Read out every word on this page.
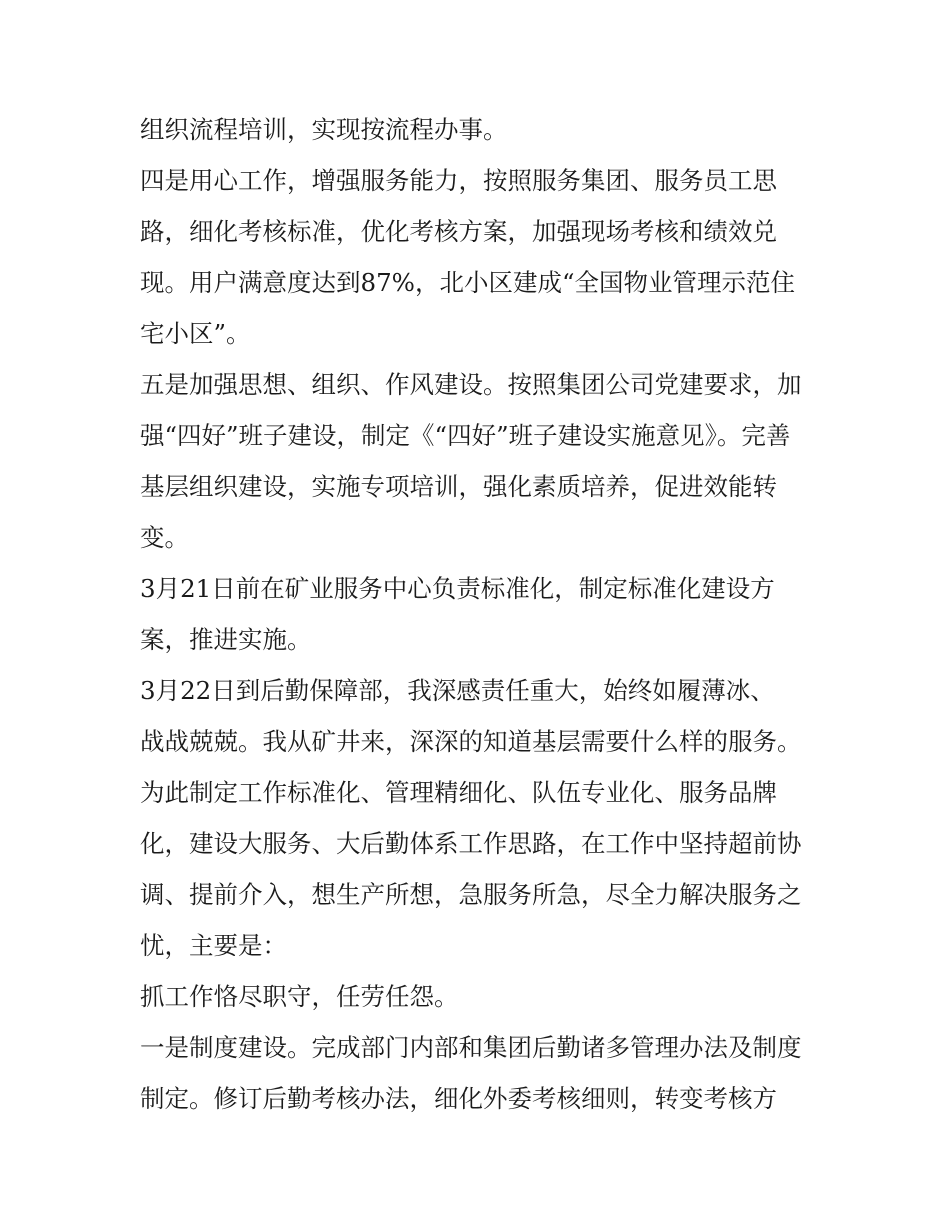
组织流程培训，实现按流程办事。

四是用心工作，增强服务能力，按照服务集团、服务员工思

路，细化考核标准，优化考核方案，加强现场考核和绩效兑

现。用户满意度达到87%，北小区建成“全国物业管理示范住

宅小区”。

五是加强思想、组织、作风建设。按照集团公司党建要求，加

强“四好”班子建设，制定《“四好”班子建设实施意见》。完善

基层组织建设，实施专项培训，强化素质培养，促进效能转

变。

3月21日前在矿业服务中心负责标准化，制定标准化建设方

案，推进实施。

3月22日到后勤保障部，我深感责任重大，始终如履薄冰、

战战兢兢。我从矿井来，深深的知道基层需要什么样的服务。

为此制定工作标准化、管理精细化、队伍专业化、服务品牌

化，建设大服务、大后勤体系工作思路，在工作中坚持超前协

调、提前介入，想生产所想，急服务所急，尽全力解决服务之

忧，主要是：

抓工作恪尽职守，任劳任怨。

一是制度建设。完成部门内部和集团后勤诸多管理办法及制度

制定。修订后勤考核办法，细化外委考核细则，转变考核方
